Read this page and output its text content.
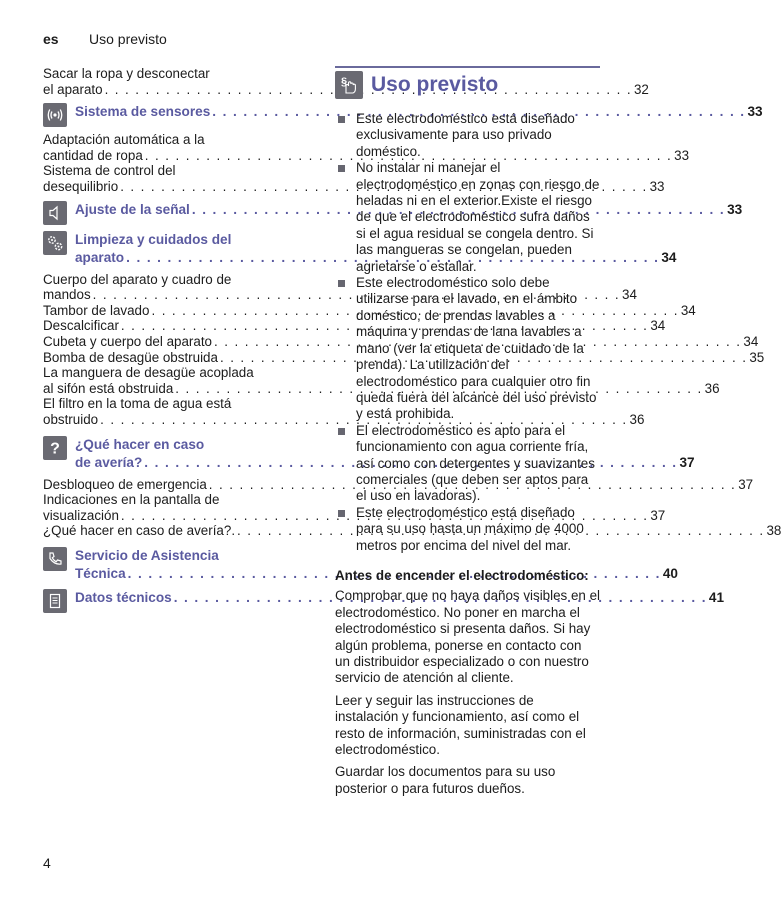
es Uso previsto
Sacar la ropa y desconectar
el aparato . . .	32
Sistema de sensores . . .	33
Adaptación automática a la
cantidad de ropa . . .	33
Sistema de control del
desequilibrio . . .	33
Ajuste de la señal . . .	33
Limpieza y cuidados del
aparato . . .	34
Cuerpo del aparato y cuadro de
mandos . . .	34
Tambor de lavado . . .	34
Descalcificar . . .	34
Cubeta y cuerpo del aparato . . .	34
Bomba de desagüe obstruida . . .	35
La manguera de desagüe acoplada
al sifón está obstruida . . .	36
El filtro en la toma de agua está
obstruido . . .	36
? ¿Qué hacer en caso
de avería? . . .	37
Desbloqueo de emergencia . . .	37
Indicaciones en la pantalla de
visualización . . .	37
¿Qué hacer en caso de avería?. . . .	38
Servicio de Asistencia
Técnica . . .	40
Datos técnicos . . .	41
§ Uso previsto
Este electrodoméstico está diseñado exclusivamente para uso privado doméstico.
No instalar ni manejar el electrodoméstico en zonas con riesgo de heladas ni en el exterior.Existe el riesgo de que el electrodoméstico sufra daños si el agua residual se congela dentro. Si las mangueras se congelan, pueden agrietarse o estallar.
Este electrodoméstico solo debe utilizarse para el lavado, en el ámbito doméstico, de prendas lavables a máquina y prendas de lana lavables a mano (ver la etiqueta de cuidado de la prenda). La utilización del electrodoméstico para cualquier otro fin queda fuera del alcance del uso previsto y está prohibida.
El electrodoméstico es apto para el funcionamiento con agua corriente fría, así como con detergentes y suavizantes comerciales (que deben ser aptos para el uso en lavadoras).
Este electrodoméstico está diseñado para su uso hasta un máximo de 4000 metros por encima del nivel del mar.
Antes de encender el electrodoméstico:

Comprobar que no haya daños visibles en el electrodoméstico. No poner en marcha el electrodoméstico si presenta daños. Si hay algún problema, ponerse en contacto con un distribuidor especializado o con nuestro servicio de atención al cliente.

Leer y seguir las instrucciones de instalación y funcionamiento, así como el resto de información, suministradas con el electrodoméstico.

Guardar los documentos para su uso posterior o para futuros dueños.

4
